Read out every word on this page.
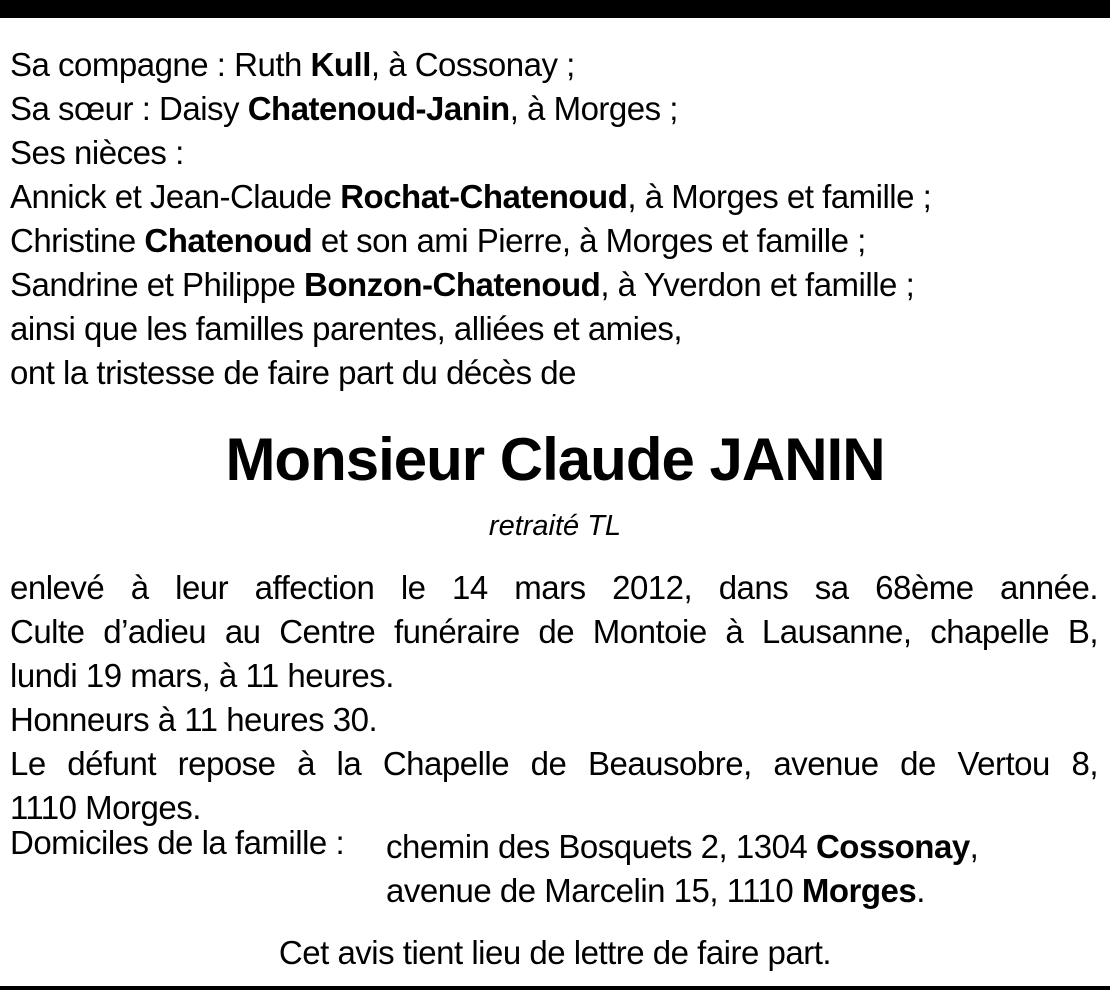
Sa compagne : Ruth Kull, à Cossonay ;
Sa sœur : Daisy Chatenoud-Janin, à Morges ;
Ses nièces :
Annick et Jean-Claude Rochat-Chatenoud, à Morges et famille ;
Christine Chatenoud et son ami Pierre, à Morges et famille ;
Sandrine et Philippe Bonzon-Chatenoud, à Yverdon et famille ;
ainsi que les familles parentes, alliées et amies,
ont la tristesse de faire part du décès de
Monsieur Claude JANIN
retraité TL
enlevé à leur affection le 14 mars 2012, dans sa 68ème année.
Culte d’adieu au Centre funéraire de Montoie à Lausanne, chapelle B,
lundi 19 mars, à 11 heures.
Honneurs à 11 heures 30.
Le défunt repose à la Chapelle de Beausobre, avenue de Vertou 8,
1110 Morges.
Domiciles de la famille : chemin des Bosquets 2, 1304 Cossonay,
avenue de Marcelin 15, 1110 Morges.
Cet avis tient lieu de lettre de faire part.
